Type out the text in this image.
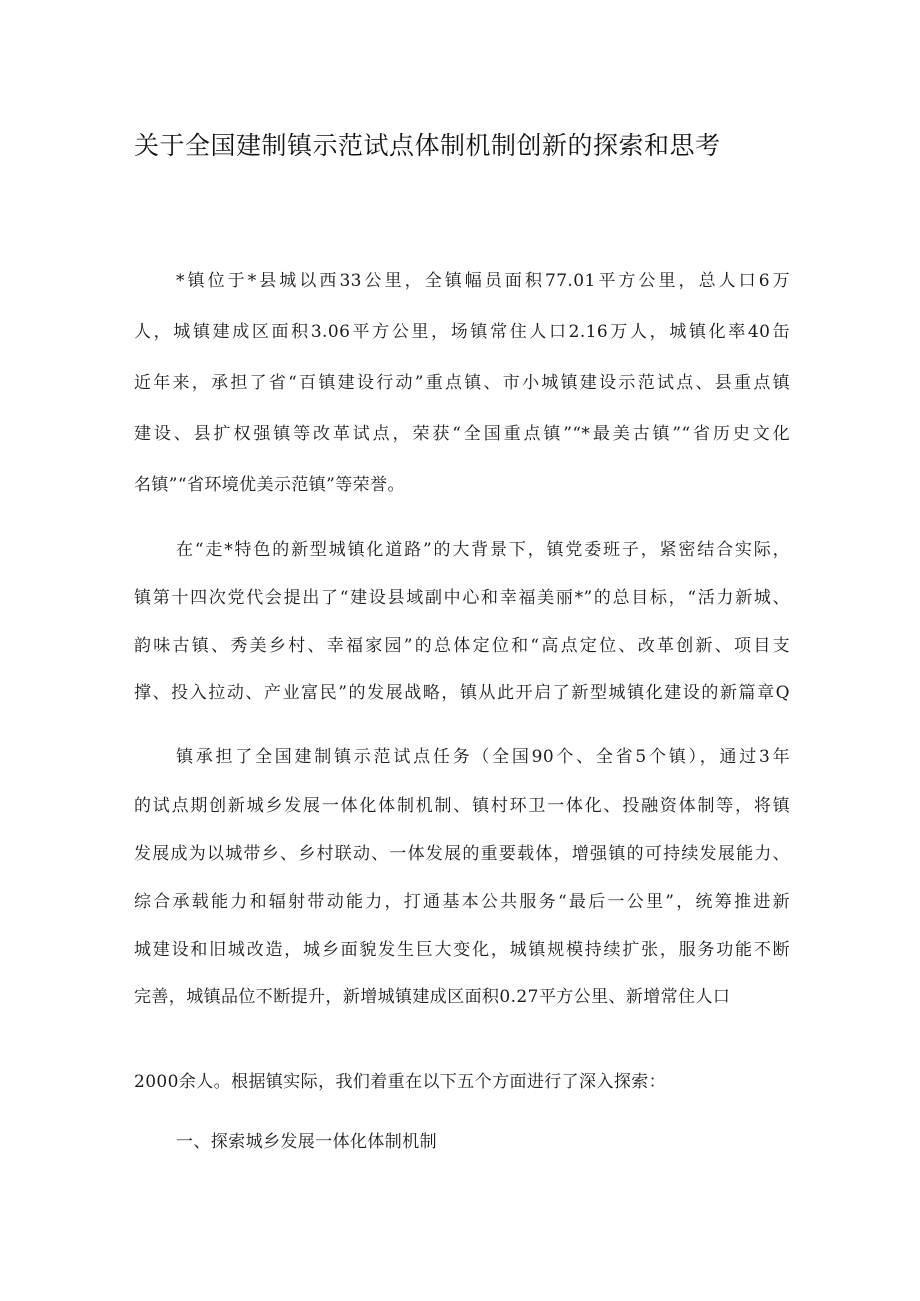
关于全国建制镇示范试点体制机制创新的探索和思考
*镇位于*县城以西33公里，全镇幅员面积77.01平方公里，总人口6万
人，城镇建成区面积3.06平方公里，场镇常住人口2.16万人，城镇化率40缶
近年来，承担了省“百镇建设行动”重点镇、市小城镇建设示范试点、县重点镇
建设、县扩权强镇等改革试点，荣获“全国重点镇”“*最美古镇”“省历史文化
名镇”“省环境优美示范镇”等荣誉。
在“走*特色的新型城镇化道路”的大背景下，镇党委班子，紧密结合实际，
镇第十四次党代会提出了“建设县域副中心和幸福美丽*”的总目标，“活力新城、
韵味古镇、秀美乡村、幸福家园”的总体定位和“高点定位、改革创新、项目支
撑、投入拉动、产业富民”的发展战略，镇从此开启了新型城镇化建设的新篇章Q
镇承担了全国建制镇示范试点任务（全国90个、全省5个镇），通过3年
的试点期创新城乡发展一体化体制机制、镇村环卫一体化、投融资体制等，将镇
发展成为以城带乡、乡村联动、一体发展的重要载体，增强镇的可持续发展能力、
综合承载能力和辐射带动能力，打通基本公共服务“最后一公里”，统筹推进新
城建设和旧城改造，城乡面貌发生巨大变化，城镇规模持续扩张，服务功能不断
完善，城镇品位不断提升，新增城镇建成区面积0.27平方公里、新增常住人口
2000余人。根据镇实际，我们着重在以下五个方面进行了深入探索：
一、探索城乡发展一体化体制机制
